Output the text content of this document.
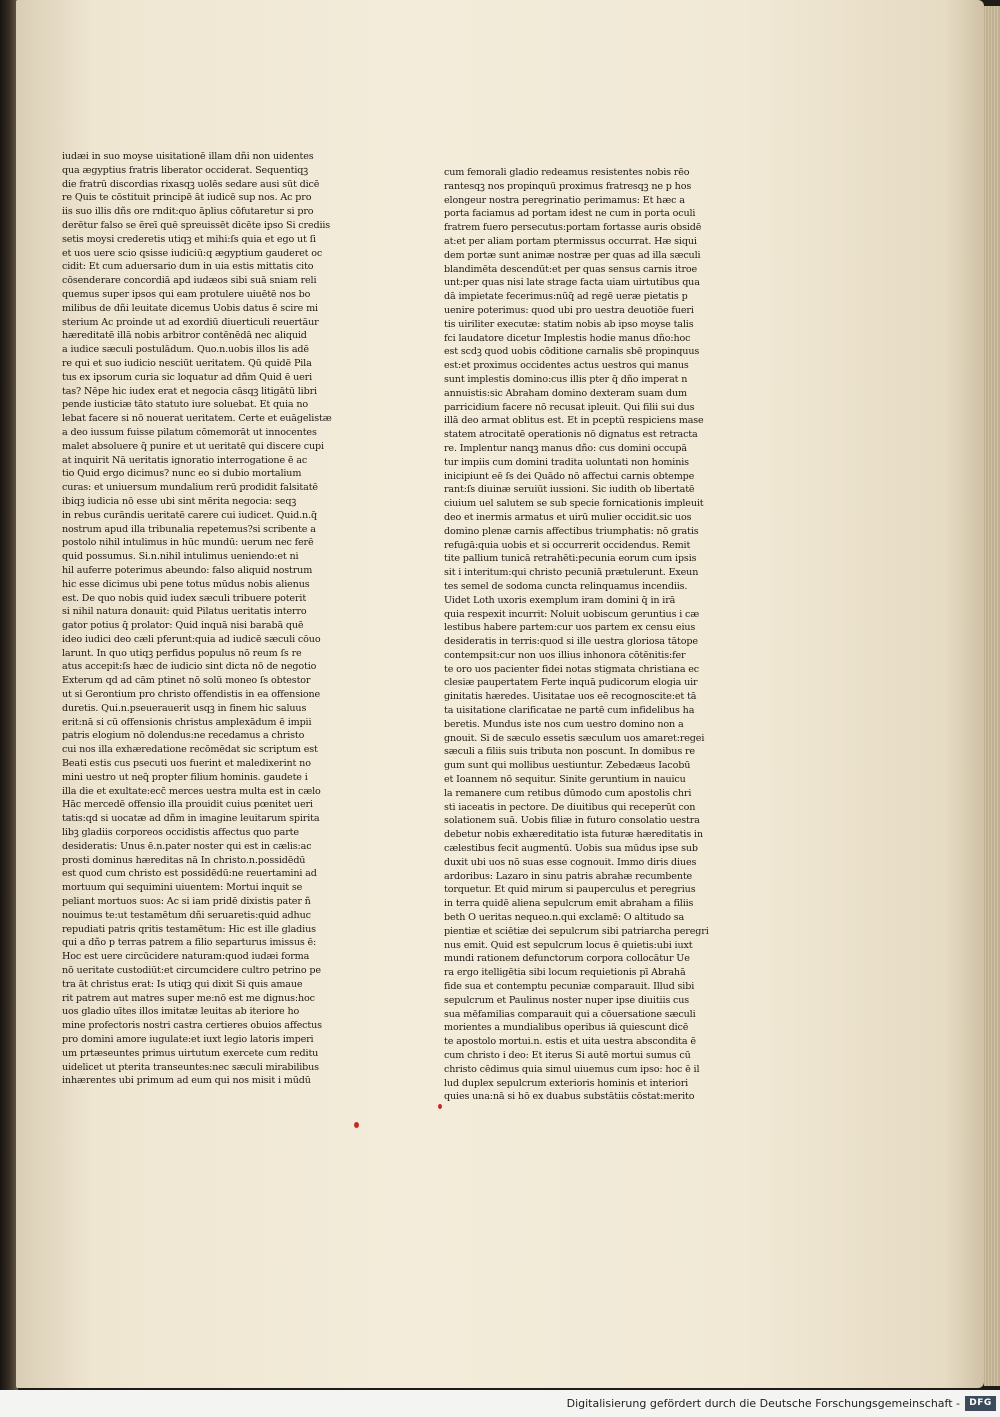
iudæi in suo moyse uisitationē illam dñi non uidentes
qua ægyptius fratris liberator occiderat. Sequentiqꝫ
die fratrū discordias rixasqꝫ uolēs sedare ausi sūt dicē
re Quis te cōstituit principē āt iudicē sup nos. Ac pro
iis suo illis dñs ore rndit:quo āplius cōfutaretur si pro
derētur falso se ēreī quē spreuissēt dicēte ipso Si crediis
setis moysi crederetis utiqꝫ et mihi:ſs quia et ego ut ſi
et uos uere scio qsisse iudiciū:q ægyptium gauderet oc
cidit: Et cum aduersario dum in uia estis mittatis cito
cōsenderare concordiā apd iudæos sibi suā sniam reli
quemus super ipsos qui eam protulere uiuētē nos bo
milibus de dñi leuitate dicemus Uobis datus ē scire mi
sterium Ac proinde ut ad exordiū diuerticuli reuertāur
hæreditatē illā nobis arbitror contēnēdā nec aliquid
a iudice sæculi postulādum. Quo.n.uobis illos lis adē
re qui et suo iudicio nesciūt ueritatem. Qū quidē Pila
tus ex ipsorum curia sic loquatur ad dñm Quid ē ueri
tas? Nēpe hic iudex erat et negocia cāsqꝫ litigātū libri
pende iusticiæ tāto statuto iure soluebat. Et quia no
lebat facere si nō nouerat ueritatem. Certe et euāgelistæ
a deo iussum fuisse pilatum cōmemorāt ut innocentes
malet absoluere q̄ punire et ut ueritatē qui discere cupi
at inquirit Nā ueritatis ignoratio interrogatione ē ac
tio Quid ergo dicimus? nunc eo si dubio mortalium
curas: et uniuersum mundalium rerū prodidit falsitatē
ibiqꝫ iudicia nō esse ubi sint mērita negocia: seqꝫ
in rebus curāndis ueritatē carere cui iudicet. Quid.n.q̄
nostrum apud illa tribunalia repetemus?si scribente a
postolo nihil intulimus in hūc mundū: uerum nec ferē
quid possumus. Si.n.nihil intulimus ueniendo:et ni
hil auferre poterimus abeundo: falso aliquid nostrum
hic esse dicimus ubi pene totus mūdus nobis alienus
est. De quo nobis quid iudex sæculi tribuere poterit
si nihil natura donauit: quid Pilatus ueritatis interro
gator potius q̄ prolator: Quid inquā nisi barabā quē
ideo iudici deo cæli pferunt:quia ad iudicē sæculi cōuo
larunt. In quo utiqꝫ perfidus populus nō reum ſs re
atus accepit:ſs hæc de iudicio sint dicta nō de negotio
Exterum qd ad cām ptinet nō solū moneo ſs obtestor
ut si Gerontium pro christo offendistis in ea offensione
duretis. Qui.n.pseuerauerit usqꝫ in finem hic saluus
erit:nā si cū offensionis christus amplexādum ē impii
patris elogium nō dolendus:ne recedamus a christo
cui nos illa exhæredatione recōmēdat sic scriptum est
Beati estis cus psecuti uos fuerint et maledixerint no
mini uestro ut neq̄ propter filium hominis. gaudete i
illa die et exultate:ecc̄ merces uestra multa est in cælo
Hāc mercedē offensio illa prouidit cuius pœnitet ueri
tatis:qd si uocatæ ad dñm in imagine leuitarum spirita
libꝫ gladiis corporeos occidistis affectus quo parte
desideratis: Unus ē.n.pater noster qui est in cælis:ac
prosti dominus hæreditas nā In christo.n.possidēdū
est quod cum christo est possidēdū:ne reuertamini ad
mortuum qui sequimini uiuentem: Mortui inquit se
peliant mortuos suos: Ac si iam pridē dixistis pater ñ
nouimus te:ut testamētum dñi seruaretis:quid adhuc
repudiati patris qritis testamētum: Hic est ille gladius
qui a dño p terras patrem a filio separturus imissus ē:
Hoc est uere circūcidere naturam:quod iudæi forma
nō ueritate custodiūt:et circumcidere cultro petrino pe
tra āt christus erat: Is utiqꝫ qui dixit Si quis amaue
rit patrem aut matres super me:nō est me dignus:hoc
uos gladio uītes illos imitatæ leuitas ab iteriore ho
mine profectoris nostri castra certieres obuios affectus
pro domini amore iugulate:et iuxt legio latoris imperi
um prtæseuntes primus uirtutum exercete cum reditu
uidelicet ut pterita transeuntes:nec sæculi mirabilibus
inhærentes ubi primum ad eum qui nos misit i mūdū
cum femorali gladio redeamus resistentes nobis rēo
rantesqꝫ nos propinquū proximus fratresqꝫ ne p hos
elongeur nostra peregrinatio perimamus: Et hæc a
porta faciamus ad portam idest ne cum in porta oculi
fratrem fuero persecutus:portam fortasse auris obsidē
at:et per aliam portam ptermissus occurrat. Hæ siqui
dem portæ sunt animæ nostræ per quas ad illa sæculi
blandimēta descendūt:et per quas sensus carnis itroe
unt:per quas nisi late strage facta uiam uirtutibus qua
dā impietate fecerimus:nūq̄ ad regē ueræ pietatis p
uenire poterimus: quod ubi pro uestra deuotiōe fueri
tis uiriliter executæ: statim nobis ab ipso moyse talis
fci laudatore dicetur Implestis hodie manus dño:hoc
est scdꝫ quod uobis cōditione carnalis sbē propinquus
est:et proximus occidentes actus uestros qui manus
sunt implestis domino:cus illis pter q̄ dño imperat n
annuistis:sic Abraham domino dexteram suam dum
parricidium facere nō recusat ipleuit. Qui filii sui dus
illā deo armat oblitus est. Et in pceptū respiciens mase
statem atrocitatē operationis nō dignatus est retracta
re. Implentur nanqꝫ manus dño: cus domini occupā
tur impiis cum domini tradita uoluntati non hominis
inicipiunt eē ſs dei Quādo nō affectui carnis obtempe
rant:ſs diuinæ seruiūt iussioni. Sic iudith ob libertatē
ciuium uel salutem se sub specie fornicationis impleuit
deo et inermis armatus et uirū mulier occidit.sic uos
domino plenæ carnis affectibus triumphatis: nō gratis
refugā:quia uobis et si occurrerit occidendus. Remit
tite pallium tunicā retrahēti:pecunia eorum cum ipsis
sit i interitum:qui christo pecuniā prætulerunt. Exeun
tes semel de sodoma cuncta relinquamus incendiis.
Uidet Loth uxoris exemplum iram domini q̄ in irā
quia respexit incurrit: Noluit uobiscum geruntius i cæ
lestibus habere partem:cur uos partem ex censu eius
desideratis in terris:quod si ille uestra gloriosa tātope
contempsit:cur non uos illius inhonora cōtēnitis:fer
te oro uos pacienter fidei notas stigmata christiana ec
clesiæ paupertatem Ferte inquā pudicorum elogia uir
ginitatis hæredes. Uisitatae uos eē recognoscite:et tā
ta uisitatione clarificatae ne partē cum infidelibus ha
beretis. Mundus iste nos cum uestro domino non a
gnouit. Si de sæculo essetis sæculum uos amaret:regei
sæculi a filiis suis tributa non poscunt. In domibus re
gum sunt qui mollibus uestiuntur. Zebedæus Iacobū
et Ioannem nō sequitur. Sinite geruntium in nauicu
la remanere cum retibus dūmodo cum apostolis chri
sti iaceatis in pectore. De diuitibus qui receperūt con
solationem suā. Uobis filiæ in futuro consolatio uestra
debetur nobis exhæreditatio ista futuræ hæreditatis in
cælestibus fecit augmentū. Uobis sua mūdus ipse sub
duxit ubi uos nō suas esse cognouit. Immo diris diues
ardoribus: Lazaro in sinu patris abrahæ recumbente
torquetur. Et quid mirum si pauperculus et peregrius
in terra quidē aliena sepulcrum emit abraham a filiis
beth O ueritas nequeo.n.qui exclamē: O altitudo sa
pientiæ et sciētiæ dei sepulcrum sibi patriarcha peregri
nus emit. Quid est sepulcrum locus ē quietis:ubi iuxt
mundi rationem defunctorum corpora collocātur Ue
ra ergo itelligētia sibi locum requietionis pī Abrahā
fide sua et contemptu pecuniæ comparauit. Illud sibi
sepulcrum et Paulinus noster nuper ipse diuitiis cus
sua mēfamilias comparauit qui a cōuersatione sæculi
morientes a mundialibus operibus iā quiescunt dicē
te apostolo mortui.n. estis et uita uestra abscondita ē
cum christo i deo: Et iterus Si autē mortui sumus cū
christo cēdimus quia simul uiuemus cum ipso: hoc ē il
lud duplex sepulcrum exterioris hominis et interiori
quies una:nā si hō ex duabus substātiis cōstat:merito
Digitalisierung gefördert durch die Deutsche Forschungsgemeinschaft -	DFG
